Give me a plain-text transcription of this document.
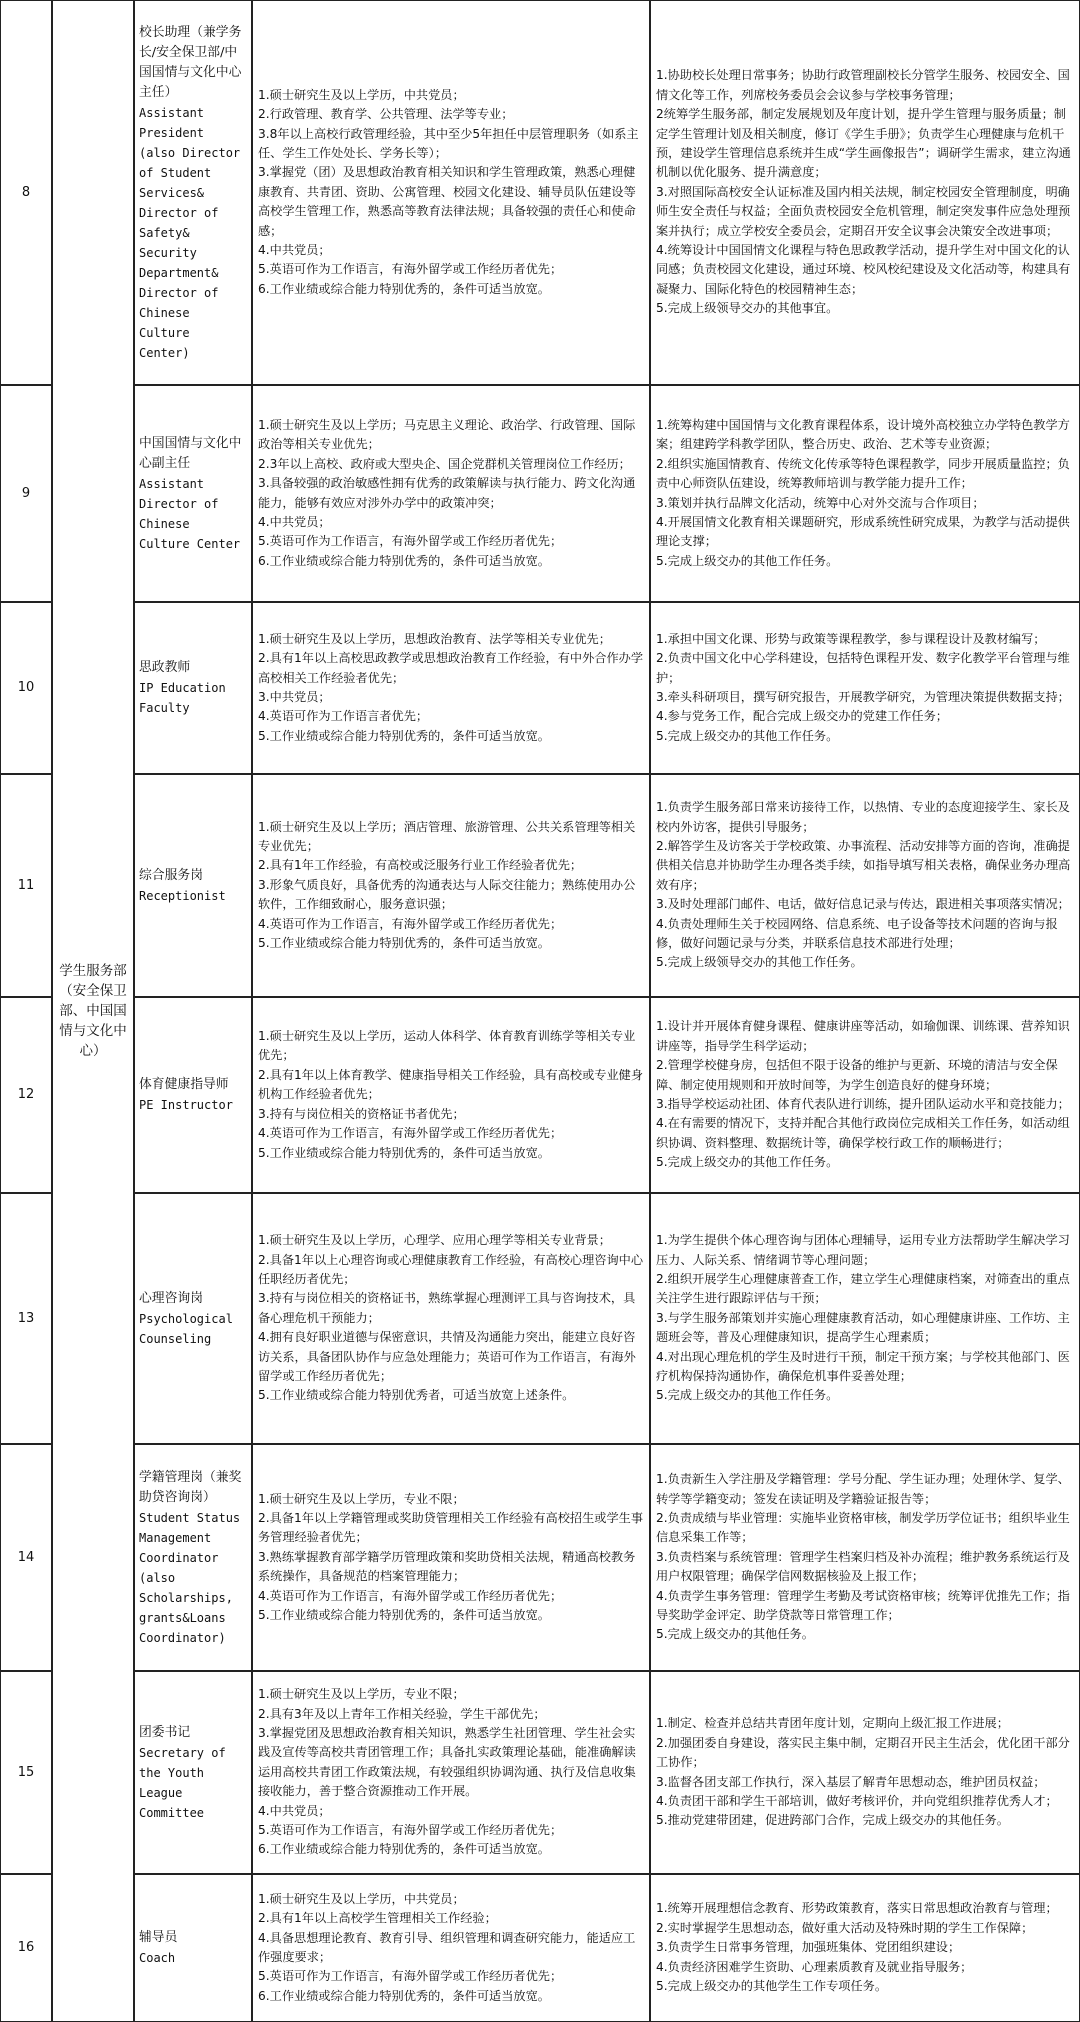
学生服务部（安全保卫部、中国国情与文化中心）
8
校长助理（兼学务长/安全保卫部/中国国情与文化中心主任）
Assistant
President
(also Director
of Student
Services&
Director of
Safety&
Security
Department&
Director of
Chinese
Culture
Center)
1.硕士研究生及以上学历，中共党员；
2.行政管理、教育学、公共管理、法学等专业；
3.8年以上高校行政管理经验，其中至少5年担任中层管理职务（如系主任、学生工作处处长、学务长等）；
3.掌握党（团）及思想政治教育相关知识和学生管理政策，熟悉心理健康教育、共青团、资助、公寓管理、校园文化建设、辅导员队伍建设等高校学生管理工作，熟悉高等教育法律法规；具备较强的责任心和使命感；
4.中共党员；
5.英语可作为工作语言，有海外留学或工作经历者优先；
6.工作业绩或综合能力特别优秀的，条件可适当放宽。
1.协助校长处理日常事务；协助行政管理副校长分管学生服务、校园安全、国情文化等工作，列席校务委员会会议参与学校事务管理；
2统筹学生服务部，制定发展规划及年度计划，提升学生管理与服务质量；制定学生管理计划及相关制度，修订《学生手册》；负责学生心理健康与危机干预，建设学生管理信息系统并生成“学生画像报告”；调研学生需求，建立沟通机制以优化服务、提升满意度；
3.对照国际高校安全认证标准及国内相关法规，制定校园安全管理制度，明确师生安全责任与权益；全面负责校园安全危机管理，制定突发事件应急处理预案并执行；成立学校安全委员会，定期召开安全议事会决策安全改进事项；
4.统筹设计中国国情文化课程与特色思政教学活动，提升学生对中国文化的认同感；负责校园文化建设，通过环境、校风校纪建设及文化活动等，构建具有凝聚力、国际化特色的校园精神生态；
5.完成上级领导交办的其他事宜。
9
中国国情与文化中心副主任
Assistant
Director of
Chinese
Culture Center
1.硕士研究生及以上学历；马克思主义理论、政治学、行政管理、国际政治等相关专业优先；
2.3年以上高校、政府或大型央企、国企党群机关管理岗位工作经历；
3.具备较强的政治敏感性拥有优秀的政策解读与执行能力、跨文化沟通能力，能够有效应对涉外办学中的政策冲突；
4.中共党员；
5.英语可作为工作语言，有海外留学或工作经历者优先；
6.工作业绩或综合能力特别优秀的，条件可适当放宽。
1.统筹构建中国国情与文化教育课程体系，设计境外高校独立办学特色教学方案；组建跨学科教学团队，整合历史、政治、艺术等专业资源；
2.组织实施国情教育、传统文化传承等特色课程教学，同步开展质量监控；负责中心师资队伍建设，统筹教师培训与教学能力提升工作；
3.策划并执行品牌文化活动，统筹中心对外交流与合作项目；
4.开展国情文化教育相关课题研究，形成系统性研究成果，为教学与活动提供理论支撑；
5.完成上级交办的其他工作任务。
10
思政教师
IP Education
Faculty
1.硕士研究生及以上学历，思想政治教育、法学等相关专业优先；
2.具有1年以上高校思政教学或思想政治教育工作经验，有中外合作办学高校相关工作经验者优先；
3.中共党员；
4.英语可作为工作语言者优先；
5.工作业绩或综合能力特别优秀的，条件可适当放宽。
1.承担中国文化课、形势与政策等课程教学，参与课程设计及教材编写；
2.负责中国文化中心学科建设，包括特色课程开发、数字化教学平台管理与维护；
3.牵头科研项目，撰写研究报告，开展教学研究，为管理决策提供数据支持；
4.参与党务工作，配合完成上级交办的党建工作任务；
5.完成上级交办的其他工作任务。
11
综合服务岗
Receptionist
1.硕士研究生及以上学历；酒店管理、旅游管理、公共关系管理等相关专业优先；
2.具有1年工作经验，有高校或泛服务行业工作经验者优先；
3.形象气质良好，具备优秀的沟通表达与人际交往能力；熟练使用办公软件，工作细致耐心，服务意识强；
4.英语可作为工作语言，有海外留学或工作经历者优先；
5.工作业绩或综合能力特别优秀的，条件可适当放宽。
1.负责学生服务部日常来访接待工作，以热情、专业的态度迎接学生、家长及校内外访客，提供引导服务；
2.解答学生及访客关于学校政策、办事流程、活动安排等方面的咨询，准确提供相关信息并协助学生办理各类手续，如指导填写相关表格，确保业务办理高效有序；
3.及时处理部门邮件、电话，做好信息记录与传达，跟进相关事项落实情况；
4.负责处理师生关于校园网络、信息系统、电子设备等技术问题的咨询与报修，做好问题记录与分类，并联系信息技术部进行处理；
5.完成上级领导交办的其他工作任务。
12
体育健康指导师
PE Instructor
1.硕士研究生及以上学历，运动人体科学、体育教育训练学等相关专业优先；
2.具有1年以上体育教学、健康指导相关工作经验，具有高校或专业健身机构工作经验者优先；
3.持有与岗位相关的资格证书者优先；
4.英语可作为工作语言，有海外留学或工作经历者优先；
5.工作业绩或综合能力特别优秀的，条件可适当放宽。
1.设计并开展体育健身课程、健康讲座等活动，如瑜伽课、训练课、营养知识讲座等，指导学生科学运动；
2.管理学校健身房，包括但不限于设备的维护与更新、环境的清洁与安全保障、制定使用规则和开放时间等，为学生创造良好的健身环境；
3.指导学校运动社团、体育代表队进行训练，提升团队运动水平和竞技能力；
4.在有需要的情况下，支持并配合其他行政岗位完成相关工作任务，如活动组织协调、资料整理、数据统计等，确保学校行政工作的顺畅进行；
5.完成上级交办的其他工作任务。
13
心理咨询岗
Psychological
Counseling
1.硕士研究生及以上学历，心理学、应用心理学等相关专业背景；
2.具备1年以上心理咨询或心理健康教育工作经验，有高校心理咨询中心任职经历者优先；
3.持有与岗位相关的资格证书，熟练掌握心理测评工具与咨询技术，具备心理危机干预能力；
4.拥有良好职业道德与保密意识，共情及沟通能力突出，能建立良好咨访关系，具备团队协作与应急处理能力；英语可作为工作语言，有海外留学或工作经历者优先；
5.工作业绩或综合能力特别优秀者，可适当放宽上述条件。
1.为学生提供个体心理咨询与团体心理辅导，运用专业方法帮助学生解决学习压力、人际关系、情绪调节等心理问题；
2.组织开展学生心理健康普查工作，建立学生心理健康档案，对筛查出的重点关注学生进行跟踪评估与干预；
3.与学生服务部策划并实施心理健康教育活动，如心理健康讲座、工作坊、主题班会等，普及心理健康知识，提高学生心理素质；
4.对出现心理危机的学生及时进行干预，制定干预方案；与学校其他部门、医疗机构保持沟通协作，确保危机事件妥善处理；
5.完成上级交办的其他工作任务。
14
学籍管理岗（兼奖助贷咨询岗）
Student Status
Management
Coordinator
(also
Scholarships,
grants&Loans
Coordinator)
1.硕士研究生及以上学历，专业不限；
2.具备1年以上学籍管理或奖助贷管理相关工作经验有高校招生或学生事务管理经验者优先；
3.熟练掌握教育部学籍学历管理政策和奖助贷相关法规，精通高校教务系统操作，具备规范的档案管理能力；
4.英语可作为工作语言，有海外留学或工作经历者优先；
5.工作业绩或综合能力特别优秀的，条件可适当放宽。
1.负责新生入学注册及学籍管理：学号分配、学生证办理；处理休学、复学、转学等学籍变动；签发在读证明及学籍验证报告等；
2.负责成绩与毕业管理：实施毕业资格审核，制发学历学位证书；组织毕业生信息采集工作等；
3.负责档案与系统管理：管理学生档案归档及补办流程；维护教务系统运行及用户权限管理；确保学信网数据核验及上报工作；
4.负责学生事务管理：管理学生考勤及考试资格审核；统筹评优推先工作；指导奖助学金评定、助学贷款等日常管理工作；
5.完成上级交办的其他任务。
15
团委书记
Secretary of
the Youth
League
Committee
1.硕士研究生及以上学历，专业不限；
2.具有3年及以上青年工作相关经验，学生干部优先；
3.掌握党团及思想政治教育相关知识，熟悉学生社团管理、学生社会实践及宣传等高校共青团管理工作；具备扎实政策理论基础，能准确解读运用高校共青团工作政策法规，有较强组织协调沟通、执行及信息收集接收能力，善于整合资源推动工作开展。
4.中共党员；
5.英语可作为工作语言，有海外留学或工作经历者优先；
6.工作业绩或综合能力特别优秀的，条件可适当放宽。
1.制定、检查并总结共青团年度计划，定期向上级汇报工作进展；
2.加强团委自身建设，落实民主集中制，定期召开民主生活会，优化团干部分工协作；
3.监督各团支部工作执行，深入基层了解青年思想动态，维护团员权益；
4.负责团干部和学生干部培训，做好考核评价，并向党组织推荐优秀人才；
5.推动党建带团建，促进跨部门合作，完成上级交办的其他任务。
16
辅导员
Coach
1.硕士研究生及以上学历，中共党员；
2.具有1年以上高校学生管理相关工作经验；
4.具备思想理论教育、教育引导、组织管理和调查研究能力，能适应工作强度要求；
5.英语可作为工作语言，有海外留学或工作经历者优先；
6.工作业绩或综合能力特别优秀的，条件可适当放宽。
1.统筹开展理想信念教育、形势政策教育，落实日常思想政治教育与管理；
2.实时掌握学生思想动态，做好重大活动及特殊时期的学生工作保障；
3.负责学生日常事务管理，加强班集体、党团组织建设；
4.负责经济困难学生资助、心理素质教育及就业指导服务；
5.完成上级交办的其他学生工作专项任务。
